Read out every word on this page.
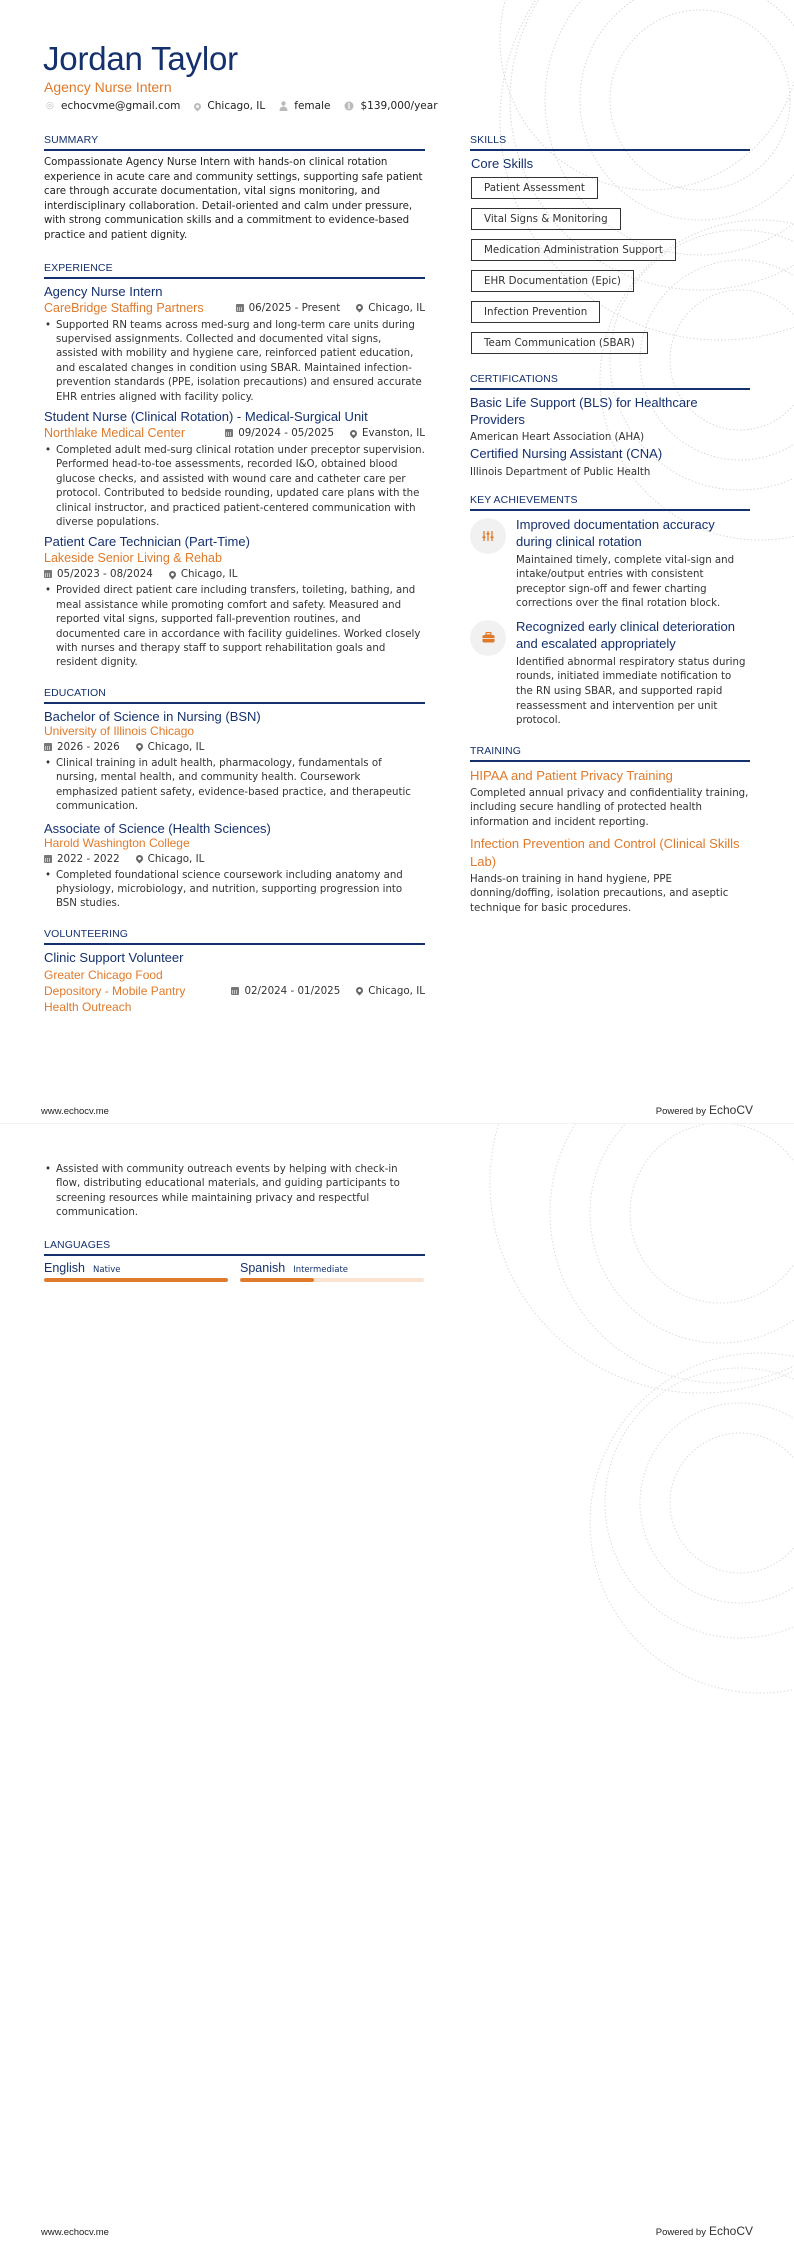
Jordan Taylor
Agency Nurse Intern
◎ echocvme@gmail.com	Chicago, IL	female	$139,000/year
SUMMARY

Compassionate Agency Nurse Intern with hands-on clinical rotation experience in acute care and community settings, supporting safe patient care through accurate documentation, vital signs monitoring, and interdisciplinary collaboration. Detail-oriented and calm under pressure, with strong communication skills and a commitment to evidence-based practice and patient dignity.

EXPERIENCE
Agency Nurse Intern
CareBridge Staffing Partners	06/2025 - Present	Chicago, IL
• Supported RN teams across med-surg and long-term care units during supervised assignments. Collected and documented vital signs, assisted with mobility and hygiene care, reinforced patient education, and escalated changes in condition using SBAR. Maintained infection-prevention standards (PPE, isolation precautions) and ensured accurate EHR entries aligned with facility policy.
Student Nurse (Clinical Rotation) - Medical-Surgical Unit
Northlake Medical Center	09/2024 - 05/2025	Evanston, IL
• Completed adult med-surg clinical rotation under preceptor supervision. Performed head-to-toe assessments, recorded I&O, obtained blood glucose checks, and assisted with wound care and catheter care per protocol. Contributed to bedside rounding, updated care plans with the clinical instructor, and practiced patient-centered communication with diverse populations.
Patient Care Technician (Part-Time)
Lakeside Senior Living & Rehab
05/2023 - 08/2024	Chicago, IL
• Provided direct patient care including transfers, toileting, bathing, and meal assistance while promoting comfort and safety. Measured and reported vital signs, supported fall-prevention routines, and documented care in accordance with facility guidelines. Worked closely with nurses and therapy staff to support rehabilitation goals and resident dignity.
EDUCATION
Bachelor of Science in Nursing (BSN)
University of Illinois Chicago
2026 - 2026	Chicago, IL
• Clinical training in adult health, pharmacology, fundamentals of nursing, mental health, and community health. Coursework emphasized patient safety, evidence-based practice, and therapeutic communication.
Associate of Science (Health Sciences)
Harold Washington College
2022 - 2022	Chicago, IL
• Completed foundational science coursework including anatomy and physiology, microbiology, and nutrition, supporting progression into BSN studies.
VOLUNTEERING
Clinic Support Volunteer
Greater Chicago Food Depository - Mobile Pantry Health Outreach
02/2024 - 01/2025	Chicago, IL
SKILLS
Core Skills
Patient Assessment
Vital Signs & Monitoring
Medication Administration Support
EHR Documentation (Epic)
Infection Prevention
Team Communication (SBAR)
CERTIFICATIONS
Basic Life Support (BLS) for Healthcare Providers
American Heart Association (AHA)
Certified Nursing Assistant (CNA)
Illinois Department of Public Health
KEY ACHIEVEMENTS
Improved documentation accuracy during clinical rotation
Maintained timely, complete vital-sign and intake/output entries with consistent preceptor sign-off and fewer charting corrections over the final rotation block.
Recognized early clinical deterioration and escalated appropriately
Identified abnormal respiratory status during rounds, initiated immediate notification to the RN using SBAR, and supported rapid reassessment and intervention per unit protocol.
TRAINING
HIPAA and Patient Privacy Training
Completed annual privacy and confidentiality training, including secure handling of protected health information and incident reporting.
Infection Prevention and Control (Clinical Skills Lab)
Hands-on training in hand hygiene, PPE donning/doffing, isolation precautions, and aseptic technique for basic procedures.
www.echocv.me	Powered by EchoCV
• Assisted with community outreach events by helping with check-in flow, distributing educational materials, and guiding participants to screening resources while maintaining privacy and respectful communication.
LANGUAGES
English Native	Spanish Intermediate
www.echocv.me	Powered by EchoCV
